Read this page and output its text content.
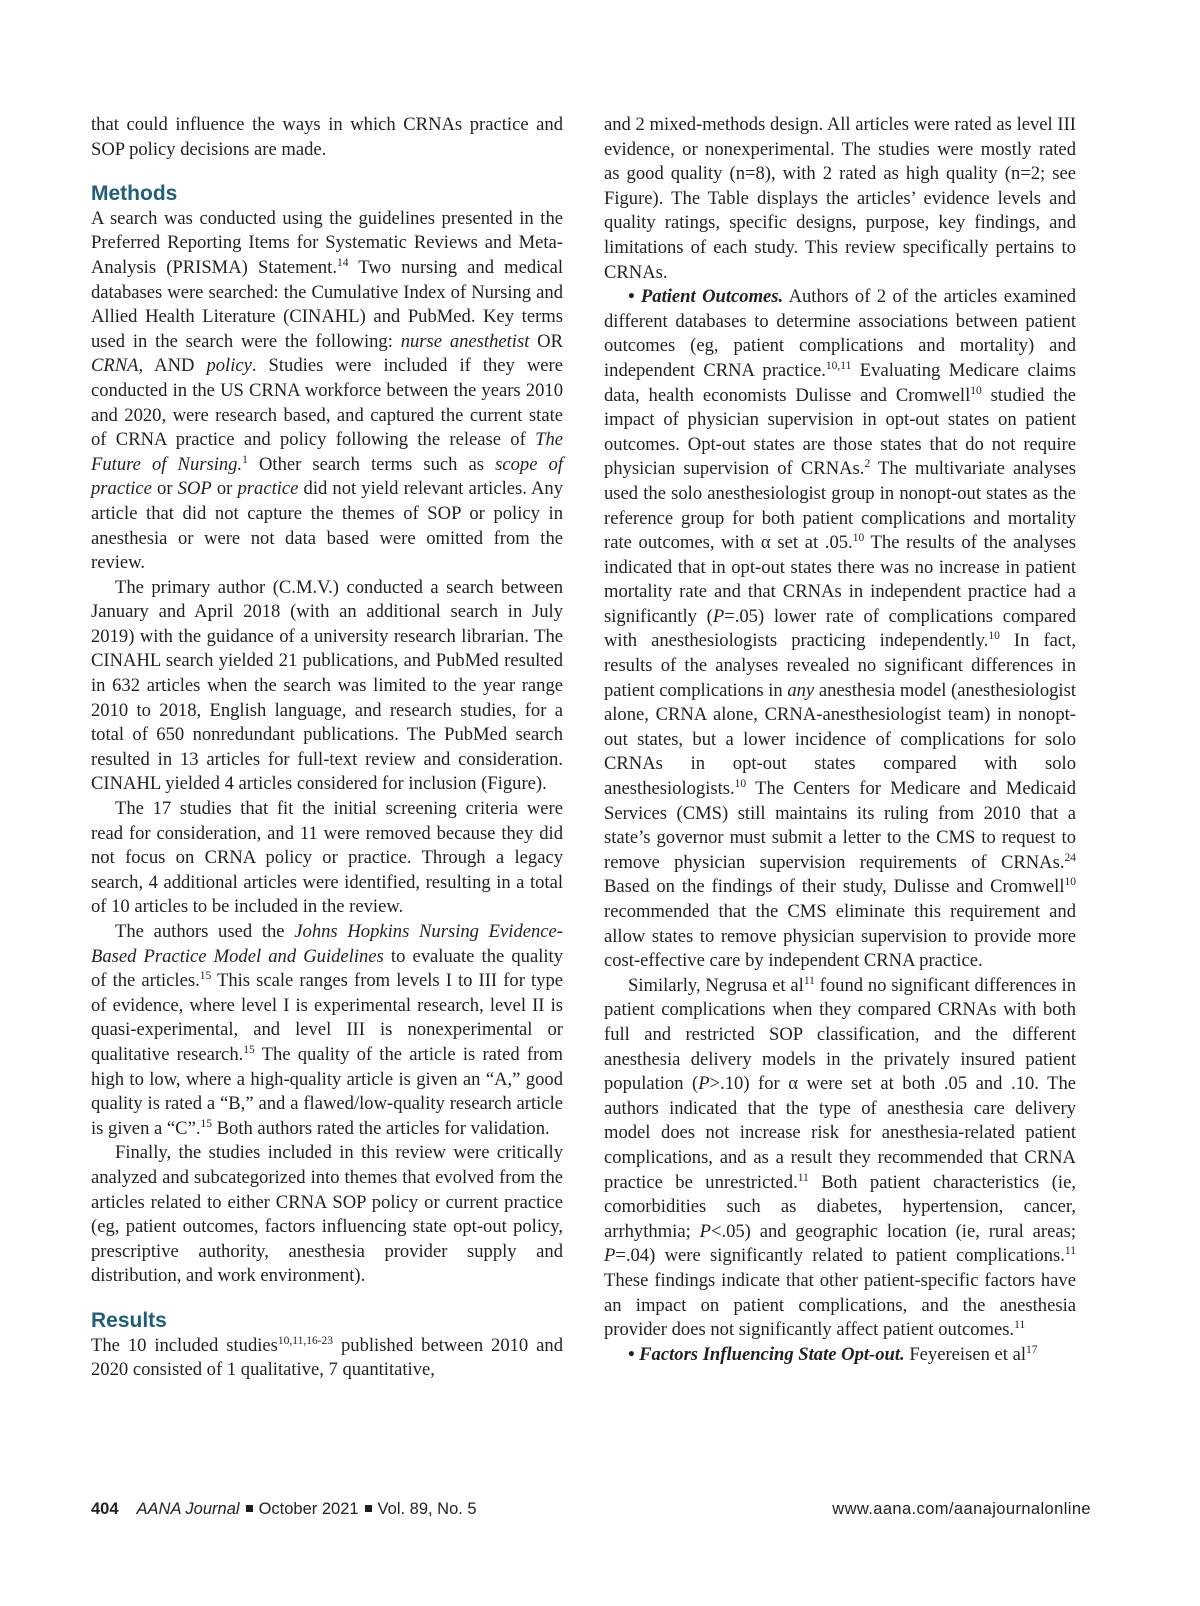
that could influence the ways in which CRNAs practice and SOP policy decisions are made.

Methods

A search was conducted using the guidelines presented in the Preferred Reporting Items for Systematic Reviews and Meta-Analysis (PRISMA) Statement.$^{14}$ Two nursing and medical databases were searched: the Cumulative Index of Nursing and Allied Health Literature (CINAHL) and PubMed. Key terms used in the search were the following: nurse anesthetist OR CRNA, AND policy. Studies were included if they were conducted in the US CRNA workforce between the years 2010 and 2020, were research based, and captured the current state of CRNA practice and policy following the release of The Future of Nursing.$^1$ Other search terms such as scope of practice or SOP or practice did not yield relevant articles. Any article that did not capture the themes of SOP or policy in anesthesia or were not data based were omitted from the review.

The primary author (C.M.V.) conducted a search between January and April 2018 (with an additional search in July 2019) with the guidance of a university research librarian. The CINAHL search yielded 21 publications, and PubMed resulted in 632 articles when the search was limited to the year range 2010 to 2018, English language, and research studies, for a total of 650 nonredundant publications. The PubMed search resulted in 13 articles for full-text review and consideration. CINAHL yielded 4 articles considered for inclusion (Figure).

The 17 studies that fit the initial screening criteria were read for consideration, and 11 were removed because they did not focus on CRNA policy or practice. Through a legacy search, 4 additional articles were identified, resulting in a total of 10 articles to be included in the review.

The authors used the Johns Hopkins Nursing Evidence-Based Practice Model and Guidelines to evaluate the quality of the articles.$^{15}$ This scale ranges from levels I to III for type of evidence, where level I is experimental research, level II is quasi-experimental, and level III is nonexperimental or qualitative research.$^{15}$ The quality of the article is rated from high to low, where a high-quality article is given an “A,” good quality is rated a “B,” and a flawed/low-quality research article is given a “C”.$^{15}$ Both authors rated the articles for validation.

Finally, the studies included in this review were critically analyzed and subcategorized into themes that evolved from the articles related to either CRNA SOP policy or current practice (eg, patient outcomes, factors influencing state opt-out policy, prescriptive authority, anesthesia provider supply and distribution, and work environment).

Results

The 10 included studies$^{10,11,16-23}$ published between 2010 and 2020 consisted of 1 qualitative, 7 quantitative,

and 2 mixed-methods design. All articles were rated as level III evidence, or nonexperimental. The studies were mostly rated as good quality (n=8), with 2 rated as high quality (n=2; see Figure). The Table displays the articles’ evidence levels and quality ratings, specific designs, purpose, key findings, and limitations of each study. This review specifically pertains to CRNAs.

• Patient Outcomes. Authors of 2 of the articles examined different databases to determine associations between patient outcomes (eg, patient complications and mortality) and independent CRNA practice.$^{10,11}$ Evaluating Medicare claims data, health economists Dulisse and Cromwell$^{10}$ studied the impact of physician supervision in opt-out states on patient outcomes. Opt-out states are those states that do not require physician supervision of CRNAs.$^2$ The multivariate analyses used the solo anesthesiologist group in nonopt-out states as the reference group for both patient complications and mortality rate outcomes, with α set at .05.10 The results of the analyses indicated that in opt-out states there was no increase in patient mortality rate and that CRNAs in independent practice had a significantly (P=.05) lower rate of complications compared with anesthesiologists practicing independently.$^{10}$ In fact, results of the analyses revealed no significant differences in patient complications in any anesthesia model (anesthesiologist alone, CRNA alone, CRNA-anesthesiologist team) in nonopt-out states, but a lower incidence of complications for solo CRNAs in opt-out states compared with solo anesthesiologists.$^{10}$ The Centers for Medicare and Medicaid Services (CMS) still maintains its ruling from 2010 that a state’s governor must submit a letter to the CMS to request to remove physician supervision requirements of CRNAs.$^{24}$ Based on the findings of their study, Dulisse and Cromwell$^{10}$ recommended that the CMS eliminate this requirement and allow states to remove physician supervision to provide more cost-effective care by independent CRNA practice.

Similarly, Negrusa et $al^{11}$ found no significant differences in patient complications when they compared CRNAs with both full and restricted SOP classification, and the different anesthesia delivery models in the privately insured patient population (P>.10) for α were set at both .05 and .10. The authors indicated that the type of anesthesia care delivery model does not increase risk for anesthesia-related patient complications, and as a result they recommended that CRNA practice be unrestricted.$^{11}$ Both patient characteristics (ie, comorbidities such as diabetes, hypertension, cancer, arrhythmia; P<.05) and geographic location (ie, rural areas; P=.04) were significantly related to patient complications.$^{11}$ These findings indicate that other patient-specific factors have an impact on patient complications, and the anesthesia provider does not significantly affect patient outcomes.$^{11}$

• Factors Influencing State Opt-out. Feyereisen et $al^{17}$

404 AANA Journal October 2021 Vol. 89, No. 5	www.aana.com/aanajournalonline
